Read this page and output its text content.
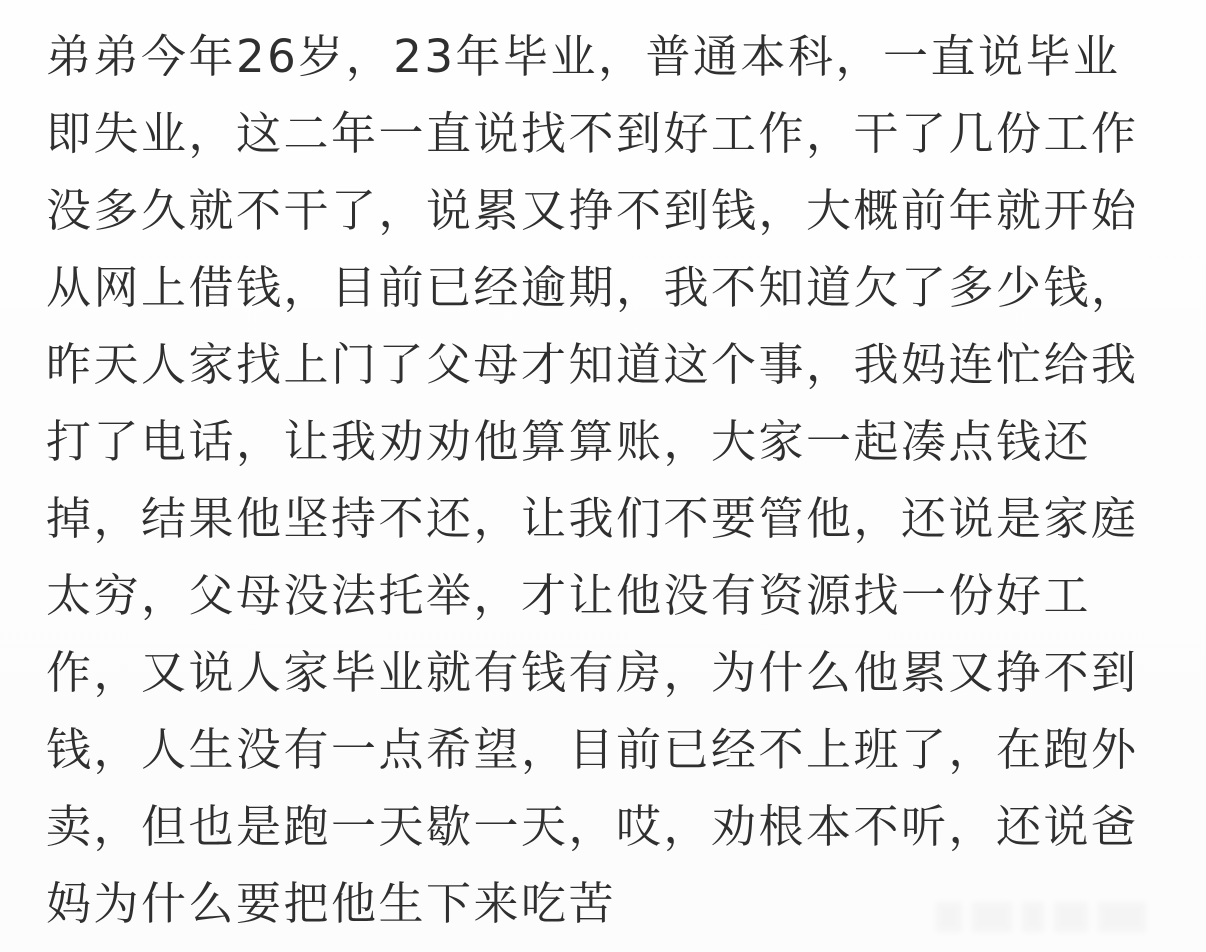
弟弟今年26岁，23年毕业，普通本科，一直说毕业
即失业，这二年一直说找不到好工作，干了几份工作
没多久就不干了，说累又挣不到钱，大概前年就开始
从网上借钱，目前已经逾期，我不知道欠了多少钱，
昨天人家找上门了父母才知道这个事，我妈连忙给我
打了电话，让我劝劝他算算账，大家一起凑点钱还
掉，结果他坚持不还，让我们不要管他，还说是家庭
太穷，父母没法托举，才让他没有资源找一份好工
作，又说人家毕业就有钱有房，为什么他累又挣不到
钱，人生没有一点希望，目前已经不上班了，在跑外
卖，但也是跑一天歇一天，哎，劝根本不听，还说爸
妈为什么要把他生下来吃苦
